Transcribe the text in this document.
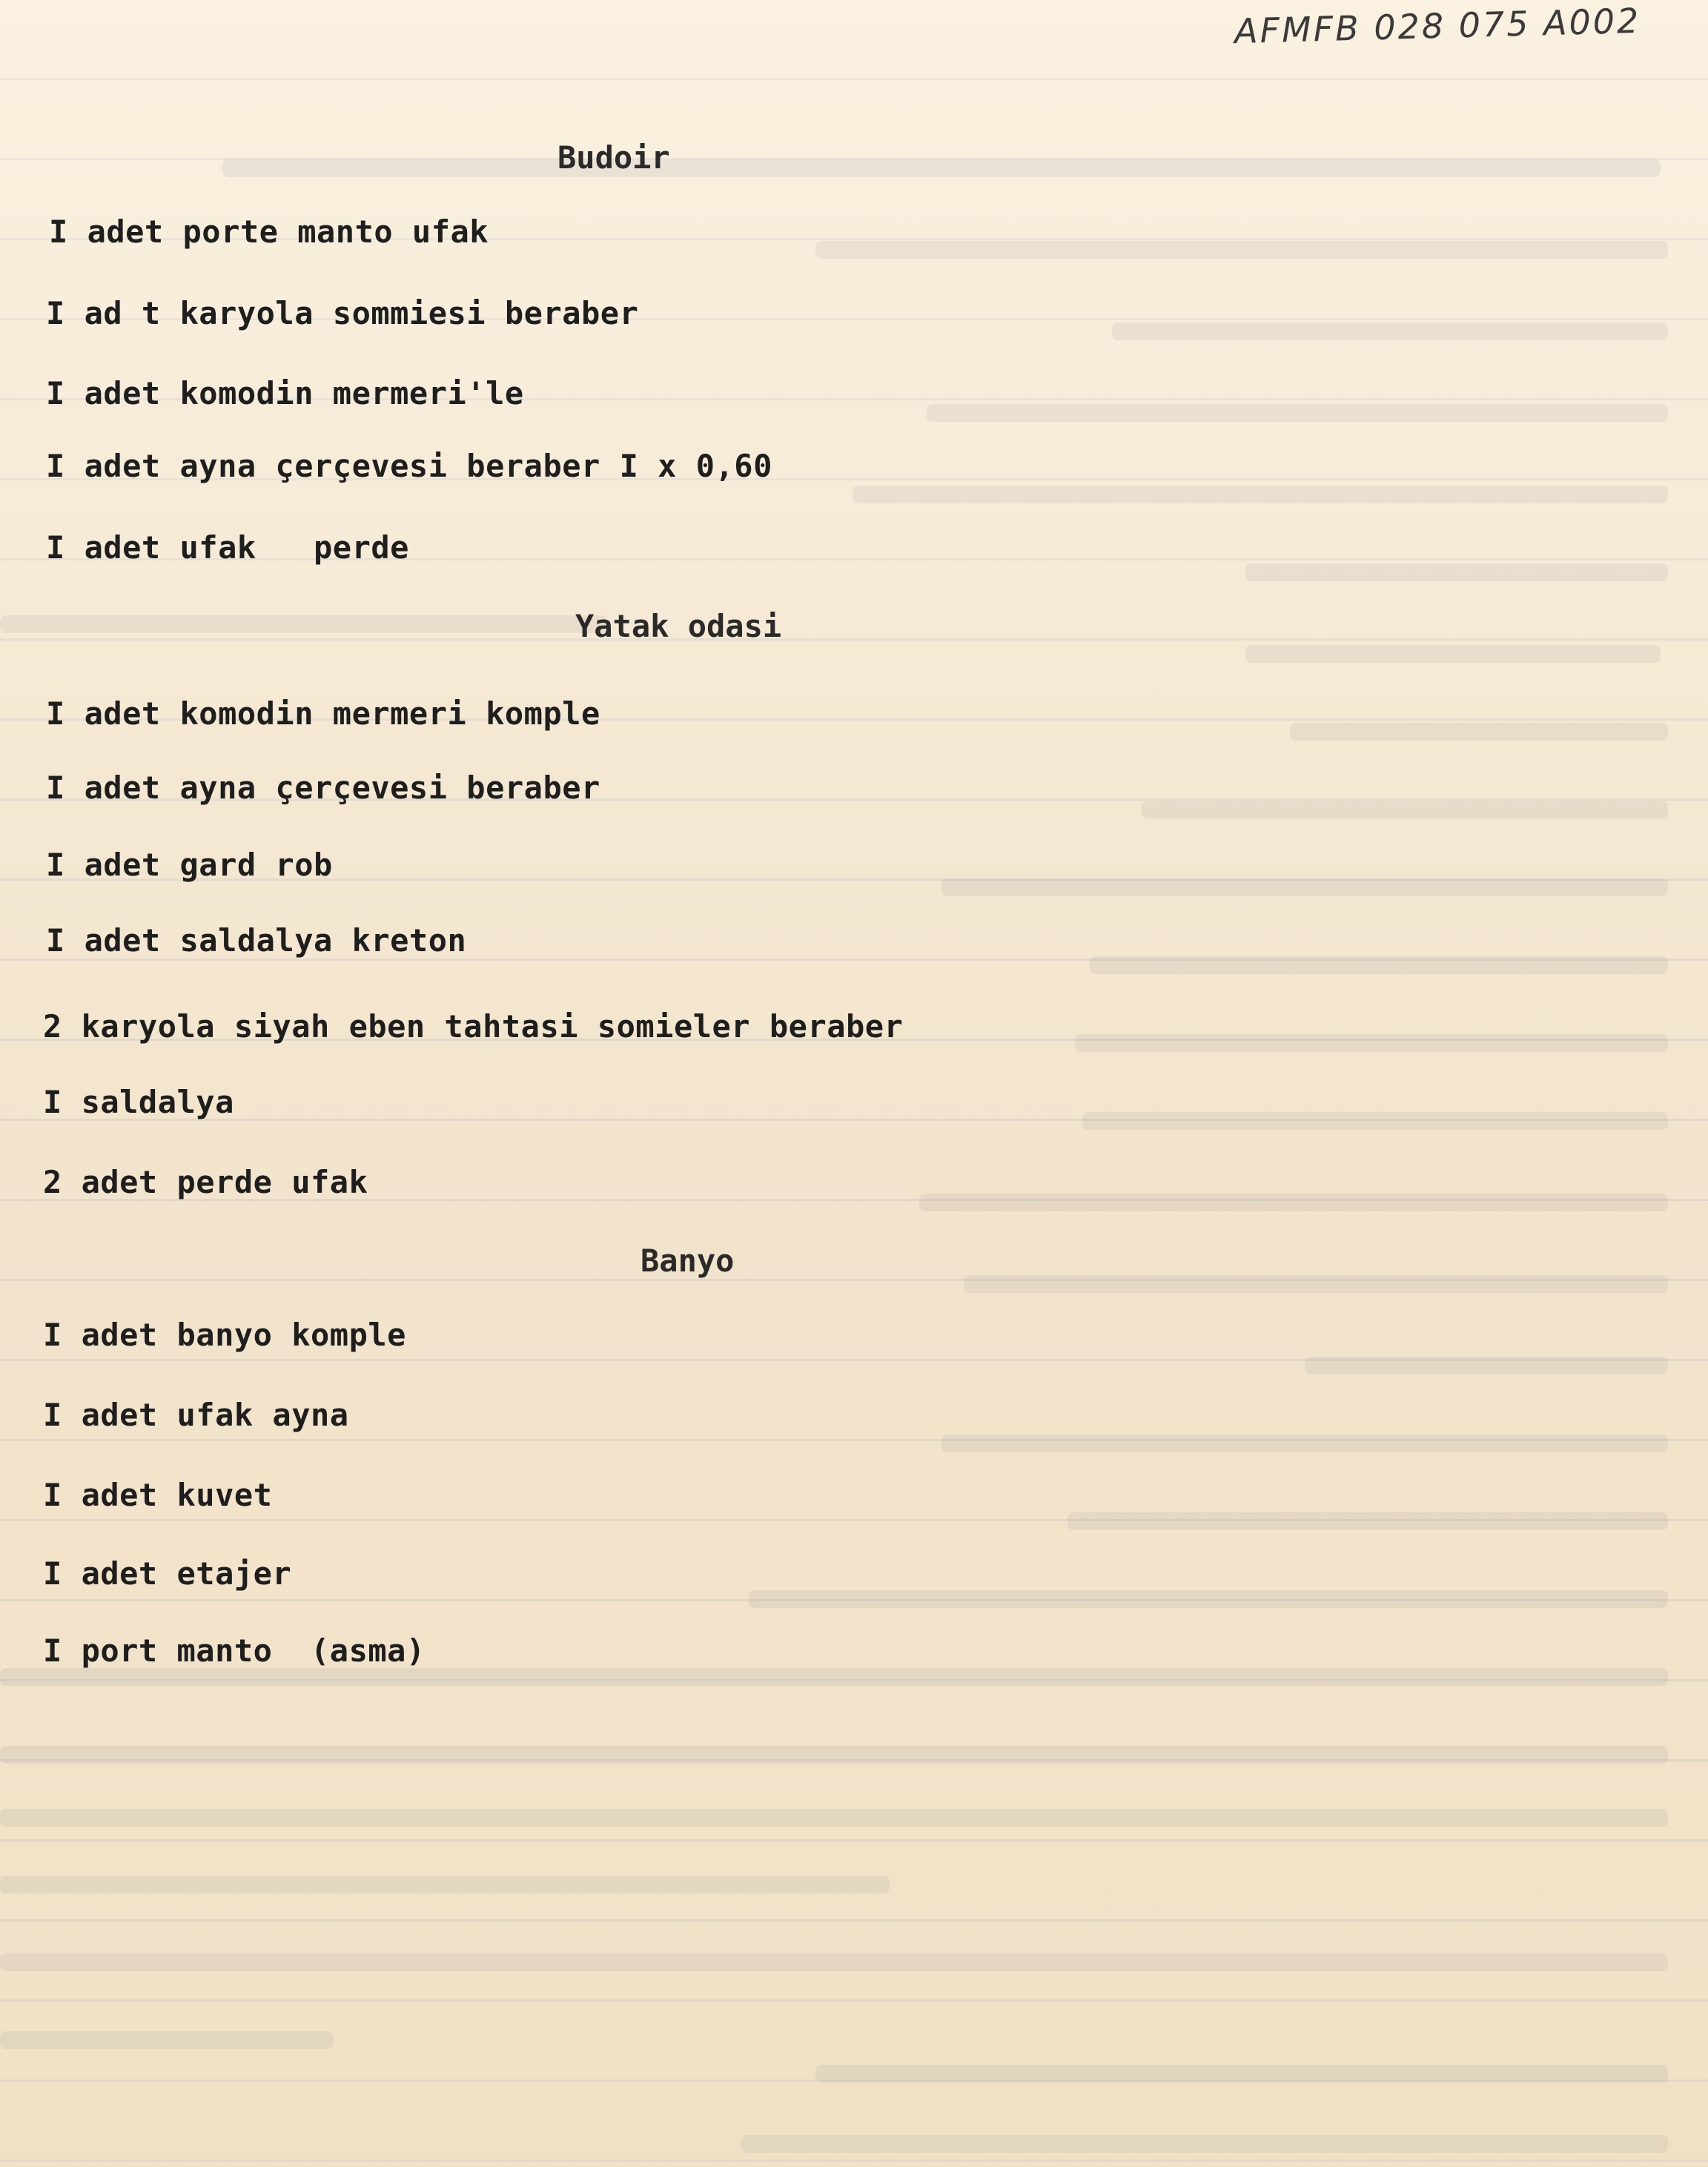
AFMFB 028 075 A002
Budoir
I adet porte manto ufak
I ad t karyola sommiesi beraber
I adet komodin mermeri'le
I adet ayna çerçevesi beraber I x 0,60
I adet ufak   perde
Yatak odasi
I adet komodin mermeri komple
I adet ayna çerçevesi beraber
I adet gard rob
I adet saldalya kreton
2 karyola siyah eben tahtasi somieler beraber
I saldalya
2 adet perde ufak
Banyo
I adet banyo komple
I adet ufak ayna
I adet kuvet
I adet etajer
I port manto  (asma)
